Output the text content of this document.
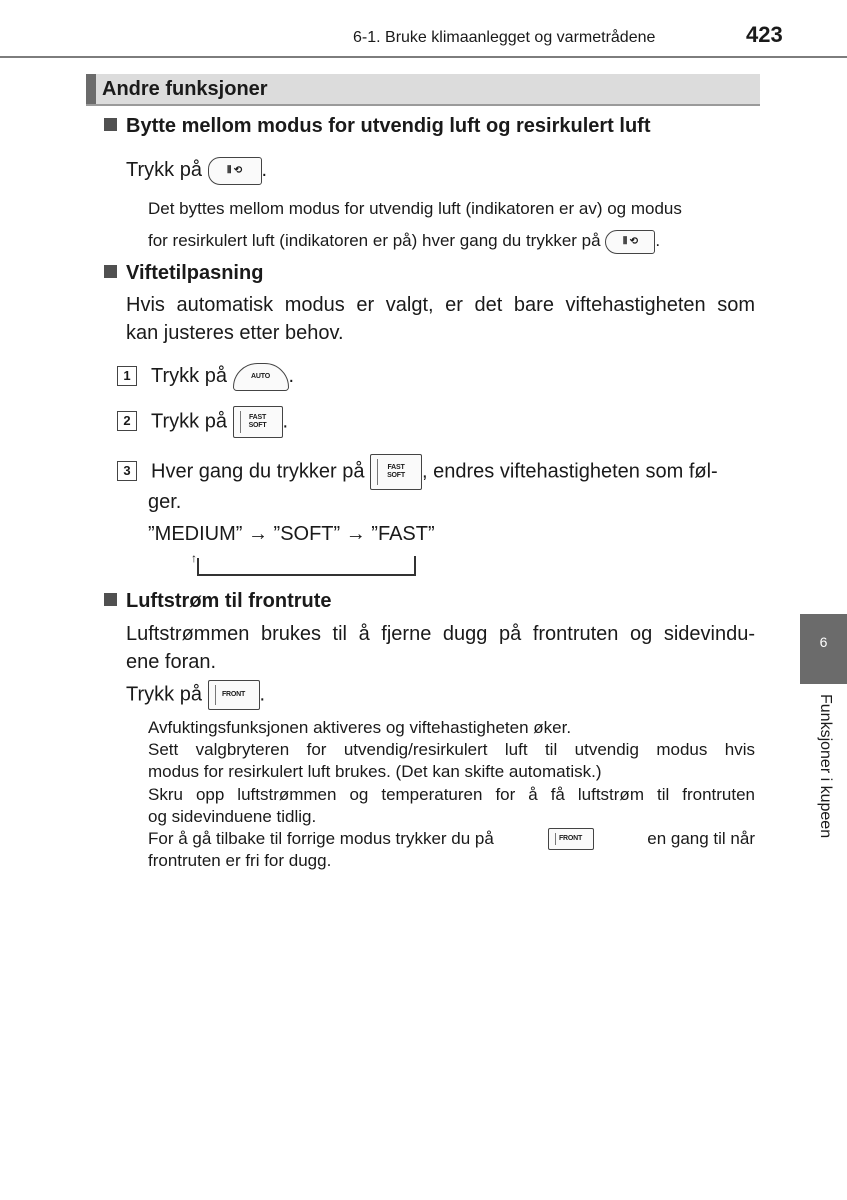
6-1. Bruke klimaanlegget og varmetrådene	423
Andre funksjoner
Bytte mellom modus for utvendig luft og resirkulert luft
Trykk på	⦀ ⟲ .
Det byttes mellom modus for utvendig luft (indikatoren er av) og modus
for resirkulert luft (indikatoren er på) hver gang du trykker på	⦀ ⟲	.
Viftetilpasning
Hvis automatisk modus er valgt, er det bare viftehastigheten som
kan justeres etter behov.
1 Trykk på	AUTO .
2 Trykk på	FAST
SOFT .
3 Hver gang du trykker på	FAST
SOFT , endres viftehastigheten som føl-
ger.
”MEDIUM” → ”SOFT” → ”FAST”
↑
Luftstrøm til frontrute
Luftstrømmen brukes til å fjerne dugg på frontruten og sidevindu-
ene foran.
Trykk på	FRONT .
Avfuktingsfunksjonen aktiveres og viftehastigheten øker.
Sett valgbryteren for utvendig/resirkulert luft til utvendig modus hvis
modus for resirkulert luft brukes. (Det kan skifte automatisk.)
Skru opp luftstrømmen og temperaturen for å få luftstrøm til frontruten
og sidevinduene tidlig.
For å gå tilbake til forrige modus trykker du på	FRONT	en gang til når
frontruten er fri for dugg.
6
Funksjoner i kupeen
